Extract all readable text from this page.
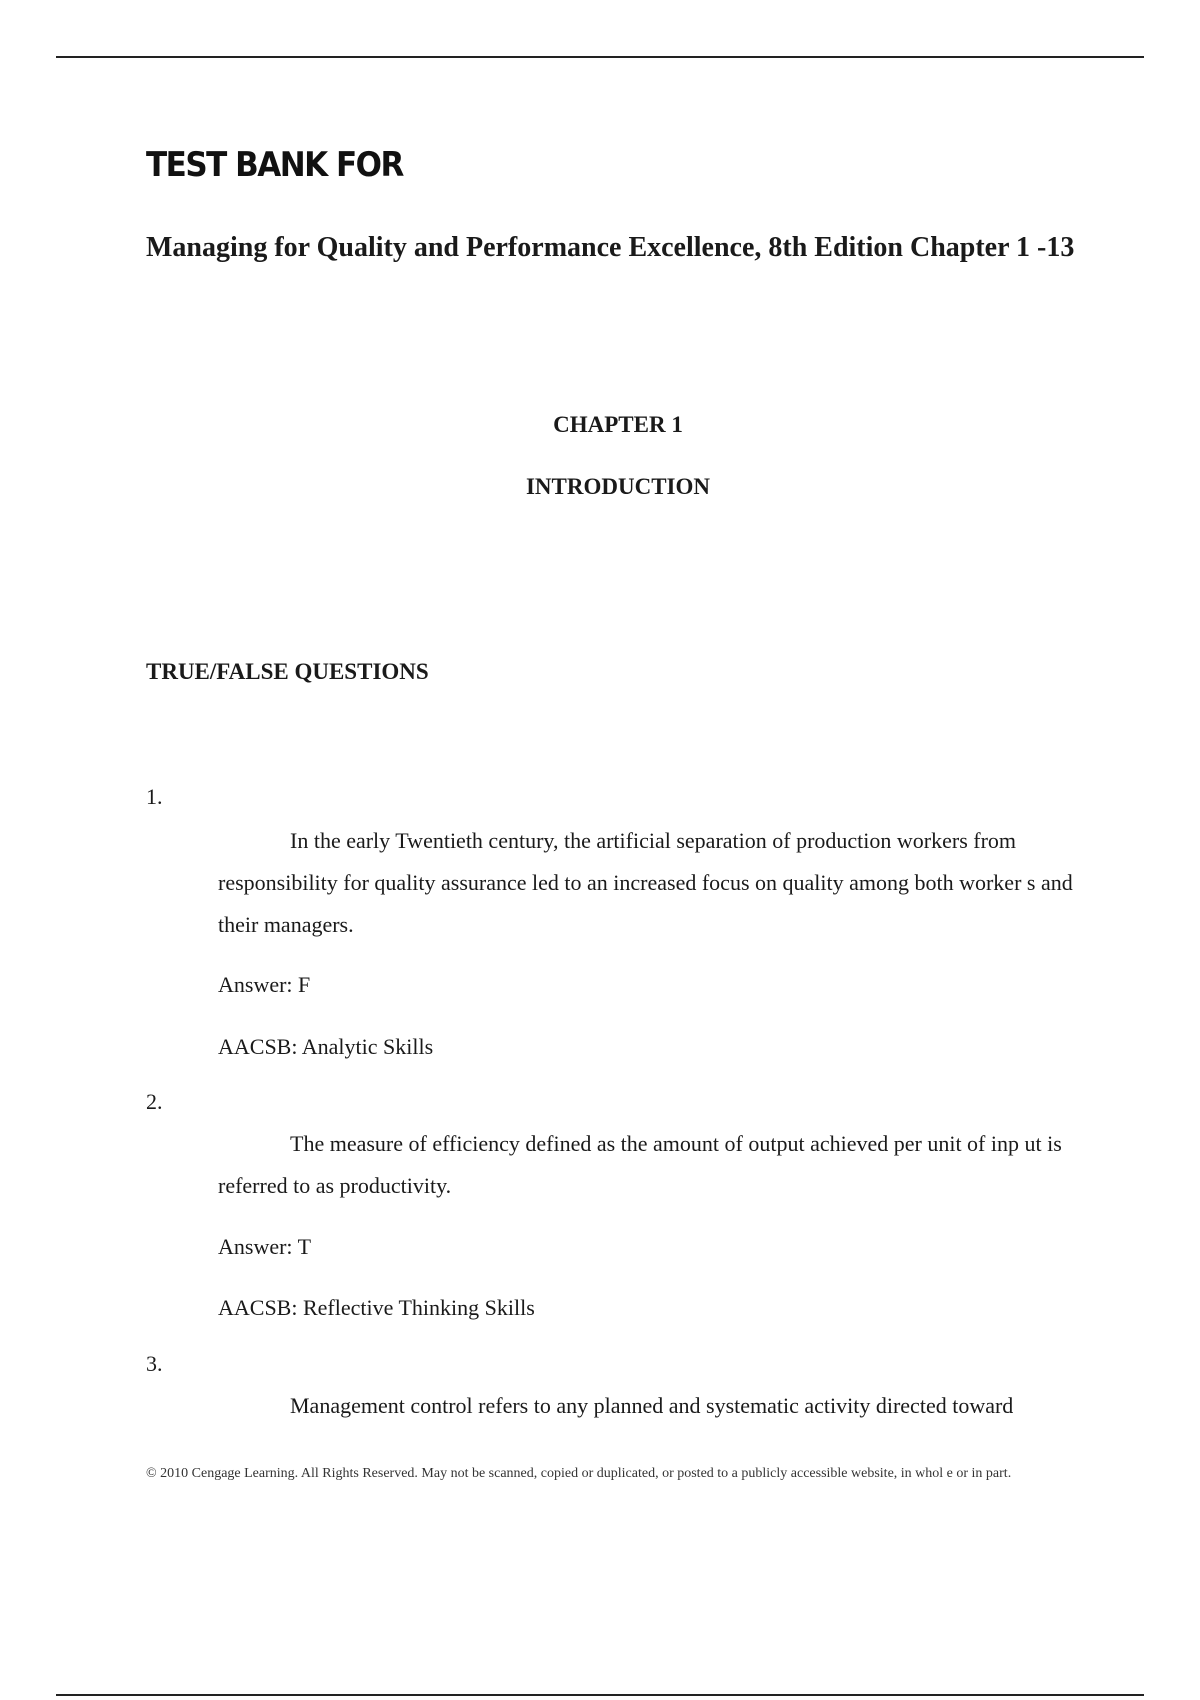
TEST BANK FOR
Managing for Quality and Performance Excellence, 8th Edition Chapter 1 -13
CHAPTER 1
INTRODUCTION
TRUE/FALSE QUESTIONS
1.

In the early Twentieth century, the artificial separation of production workers from responsibility for quality assurance led to an increased focus on quality among both worker s and their managers.

Answer: F
AACSB: Analytic Skills
2.

The measure of efficiency defined as the amount of output achieved per unit of inp ut is referred to as productivity.

Answer: T
AACSB: Reflective Thinking Skills
3.

Management control refers to any planned and systematic activity directed toward

© 2010 Cengage Learning. All Rights Reserved. May not be scanned, copied or duplicated, or posted to a publicly accessible website, in whol e or in part.
